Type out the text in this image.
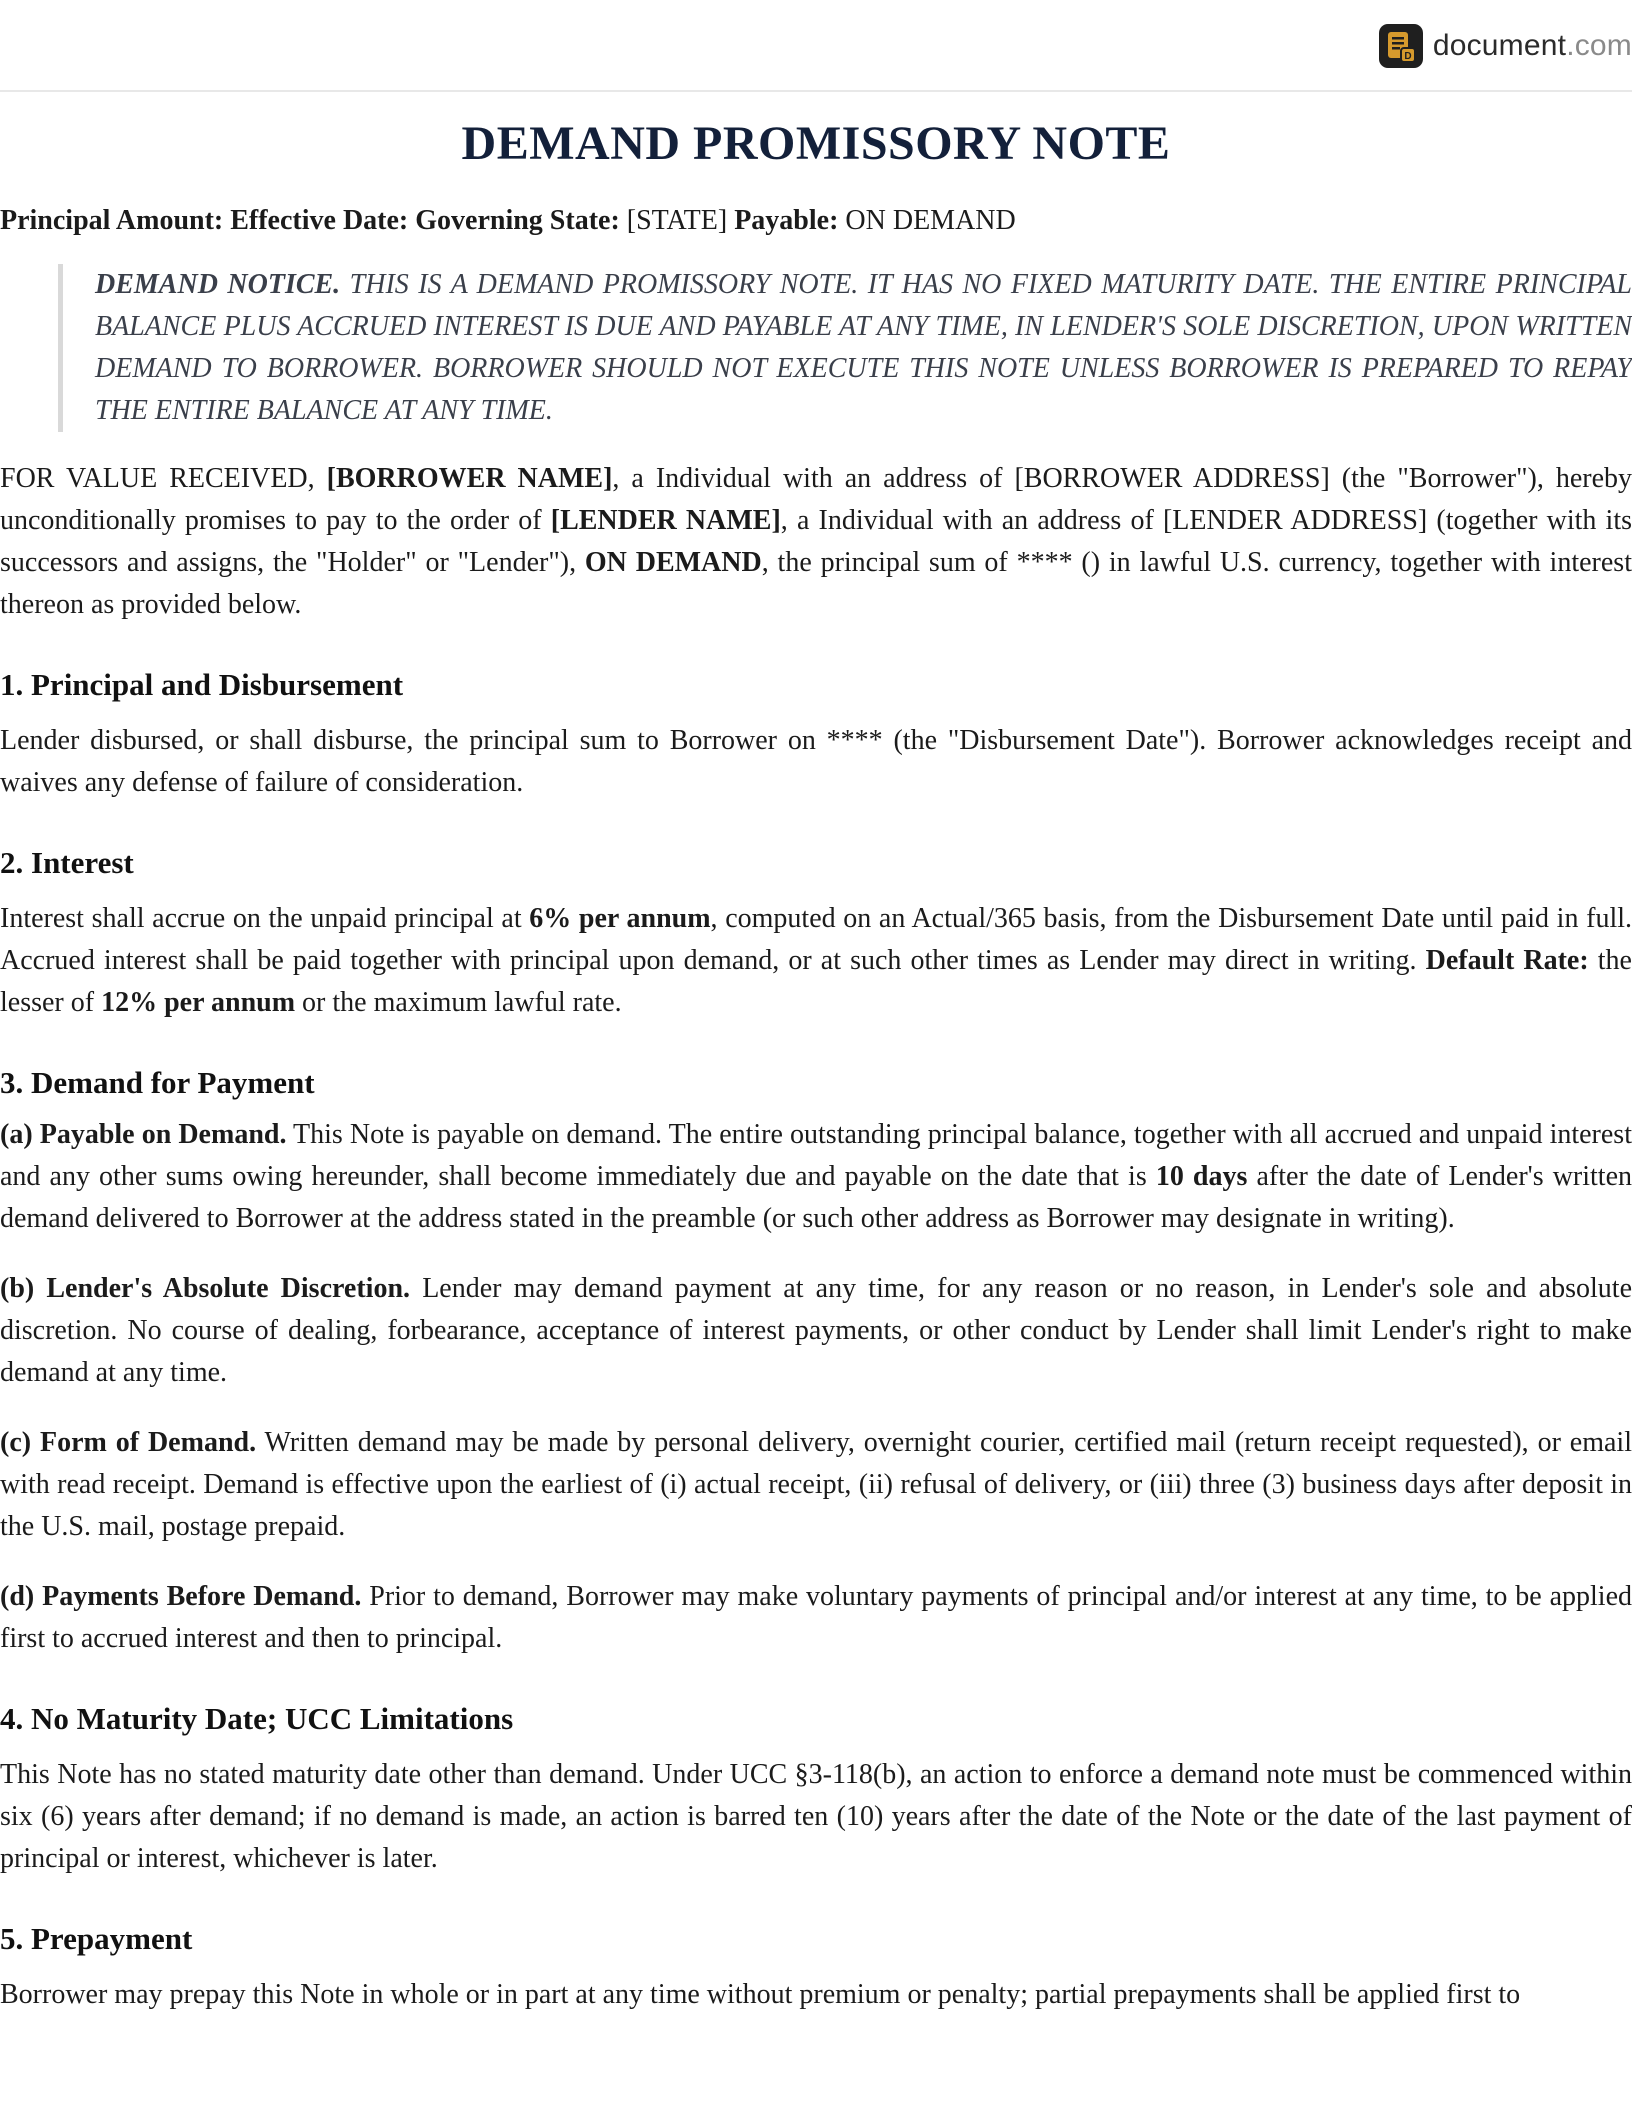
D document.com
DEMAND PROMISSORY NOTE
Principal Amount: Effective Date: Governing State: [STATE] Payable: ON DEMAND
DEMAND NOTICE. THIS IS A DEMAND PROMISSORY NOTE. IT HAS NO FIXED MATURITY DATE. THE ENTIRE PRINCIPAL BALANCE PLUS ACCRUED INTEREST IS DUE AND PAYABLE AT ANY TIME, IN LENDER'S SOLE DISCRETION, UPON WRITTEN DEMAND TO BORROWER. BORROWER SHOULD NOT EXECUTE THIS NOTE UNLESS BORROWER IS PREPARED TO REPAY THE ENTIRE BALANCE AT ANY TIME.

FOR VALUE RECEIVED, [BORROWER NAME], a Individual with an address of [BORROWER ADDRESS] (the "Borrower"), hereby unconditionally promises to pay to the order of [LENDER NAME], a Individual with an address of [LENDER ADDRESS] (together with its successors and assigns, the "Holder" or "Lender"), ON DEMAND, the principal sum of **** () in lawful U.S. currency, together with interest thereon as provided below.

1. Principal and Disbursement

Lender disbursed, or shall disburse, the principal sum to Borrower on **** (the "Disbursement Date"). Borrower acknowledges receipt and waives any defense of failure of consideration.

2. Interest

Interest shall accrue on the unpaid principal at 6% per annum, computed on an Actual/365 basis, from the Disbursement Date until paid in full. Accrued interest shall be paid together with principal upon demand, or at such other times as Lender may direct in writing. Default Rate: the lesser of 12% per annum or the maximum lawful rate.

3. Demand for Payment

(a) Payable on Demand. This Note is payable on demand. The entire outstanding principal balance, together with all accrued and unpaid interest and any other sums owing hereunder, shall become immediately due and payable on the date that is 10 days after the date of Lender's written demand delivered to Borrower at the address stated in the preamble (or such other address as Borrower may designate in writing).

(b) Lender's Absolute Discretion. Lender may demand payment at any time, for any reason or no reason, in Lender's sole and absolute discretion. No course of dealing, forbearance, acceptance of interest payments, or other conduct by Lender shall limit Lender's right to make demand at any time.

(c) Form of Demand. Written demand may be made by personal delivery, overnight courier, certified mail (return receipt requested), or email with read receipt. Demand is effective upon the earliest of (i) actual receipt, (ii) refusal of delivery, or (iii) three (3) business days after deposit in the U.S. mail, postage prepaid.

(d) Payments Before Demand. Prior to demand, Borrower may make voluntary payments of principal and/or interest at any time, to be applied first to accrued interest and then to principal.

4. No Maturity Date; UCC Limitations

This Note has no stated maturity date other than demand. Under UCC §3-118(b), an action to enforce a demand note must be commenced within six (6) years after demand; if no demand is made, an action is barred ten (10) years after the date of the Note or the date of the last payment of principal or interest, whichever is later.

5. Prepayment

Borrower may prepay this Note in whole or in part at any time without premium or penalty; partial prepayments shall be applied first to
